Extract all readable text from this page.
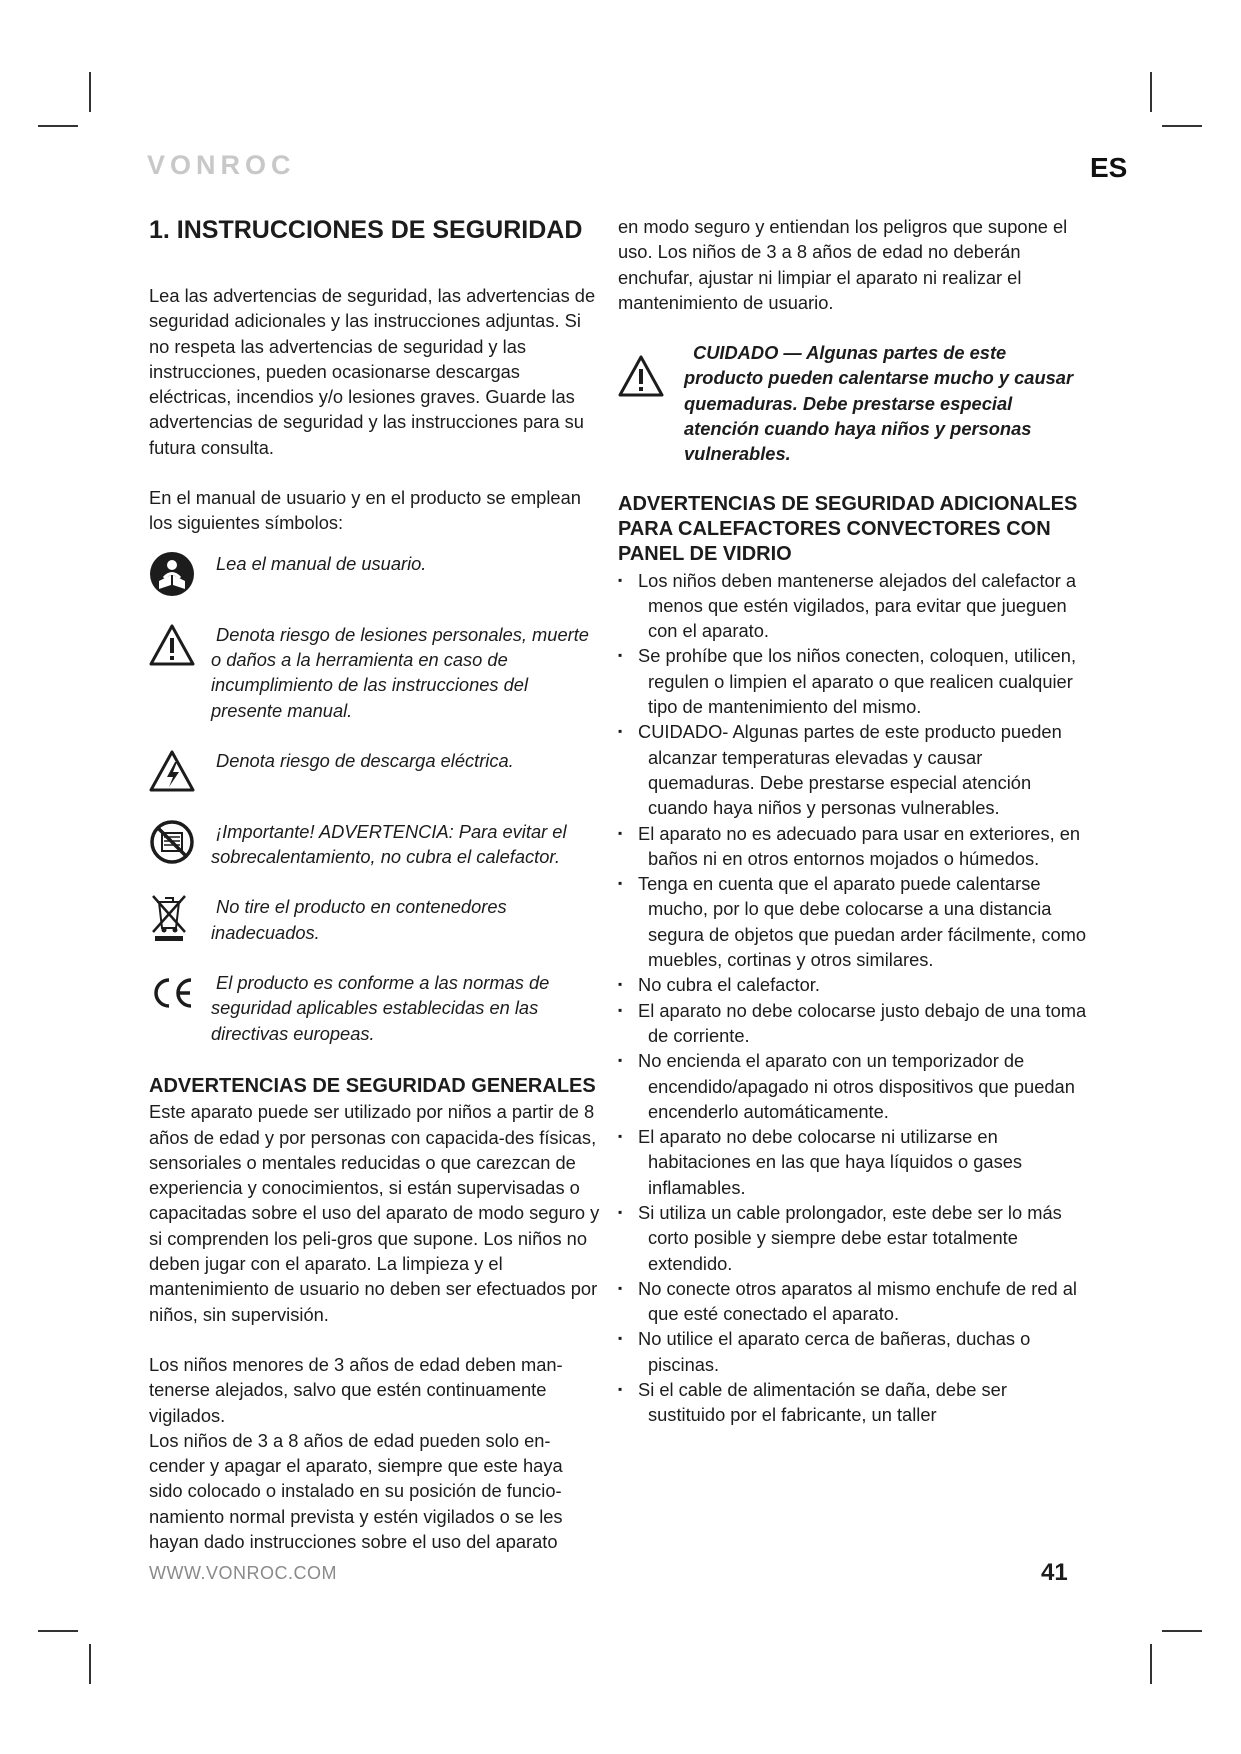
VONROC	ES
1. INSTRUCCIONES DE SEGURIDAD

Lea las advertencias de seguridad, las advertencias de seguridad adicionales y las instrucciones adjuntas. Si no respeta las advertencias de seguridad y las instrucciones, pueden ocasionarse descargas eléctricas, incendios y/o lesiones graves. Guarde las advertencias de seguridad y las instrucciones para su futura consulta.

En el manual de usuario y en el producto se emplean los siguientes símbolos:

Lea el manual de usuario.
Denota riesgo de lesiones personales, muerte o daños a la herramienta en caso de incumplimiento de las instrucciones del presente manual.
Denota riesgo de descarga eléctrica.
¡Importante! ADVERTENCIA: Para evitar el sobrecalentamiento, no cubra el calefactor.
No tire el producto en contenedores inadecuados.
El producto es conforme a las normas de seguridad aplicables establecidas en las directivas europeas.
ADVERTENCIAS DE SEGURIDAD GENERALES

Este aparato puede ser utilizado por niños a partir de 8 años de edad y por personas con capacida-des físicas, sensoriales o mentales reducidas o que carezcan de experiencia y conocimientos, si están supervisadas o capacitadas sobre el uso del aparato de modo seguro y si comprenden los peli-gros que supone. Los niños no deben jugar con el aparato. La limpieza y el mantenimiento de usuario no deben ser efectuados por niños, sin supervisión.

Los niños menores de 3 años de edad deben man-tenerse alejados, salvo que estén continuamente vigilados.

Los niños de 3 a 8 años de edad pueden solo en-cender y apagar el aparato, siempre que este haya sido colocado o instalado en su posición de funcio-namiento normal prevista y estén vigilados o se les hayan dado instrucciones sobre el uso del aparato

en modo seguro y entiendan los peligros que supone el uso. Los niños de 3 a 8 años de edad no deberán enchufar, ajustar ni limpiar el aparato ni realizar el mantenimiento de usuario.

CUIDADO — Algunas partes de este producto pueden calentarse mucho y causar quemaduras. Debe prestarse especial atención cuando haya niños y personas vulnerables.
ADVERTENCIAS DE SEGURIDAD ADICIONALES PARA CALEFACTORES CONVECTORES CON PANEL DE VIDRIO
▪ Los niños deben mantenerse alejados del calefactor a menos que estén vigilados, para evitar que jueguen con el aparato.
▪ Se prohíbe que los niños conecten, coloquen, utilicen, regulen o limpien el aparato o que realicen cualquier tipo de mantenimiento del mismo.
▪ CUIDADO- Algunas partes de este producto pueden alcanzar temperaturas elevadas y causar quemaduras. Debe prestarse especial atención cuando haya niños y personas vulnerables.
▪ El aparato no es adecuado para usar en exteriores, en baños ni en otros entornos mojados o húmedos.
▪ Tenga en cuenta que el aparato puede calentarse mucho, por lo que debe colocarse a una distancia segura de objetos que puedan arder fácilmente, como muebles, cortinas y otros similares.
▪ No cubra el calefactor.
▪ El aparato no debe colocarse justo debajo de una toma de corriente.
▪ No encienda el aparato con un temporizador de encendido/apagado ni otros dispositivos que puedan encenderlo automáticamente.
▪ El aparato no debe colocarse ni utilizarse en habitaciones en las que haya líquidos o gases inflamables.
▪ Si utiliza un cable prolongador, este debe ser lo más corto posible y siempre debe estar totalmente extendido.
▪ No conecte otros aparatos al mismo enchufe de red al que esté conectado el aparato.
▪ No utilice el aparato cerca de bañeras, duchas o piscinas.
▪ Si el cable de alimentación se daña, debe ser sustituido por el fabricante, un taller
WWW.VONROC.COM	41
